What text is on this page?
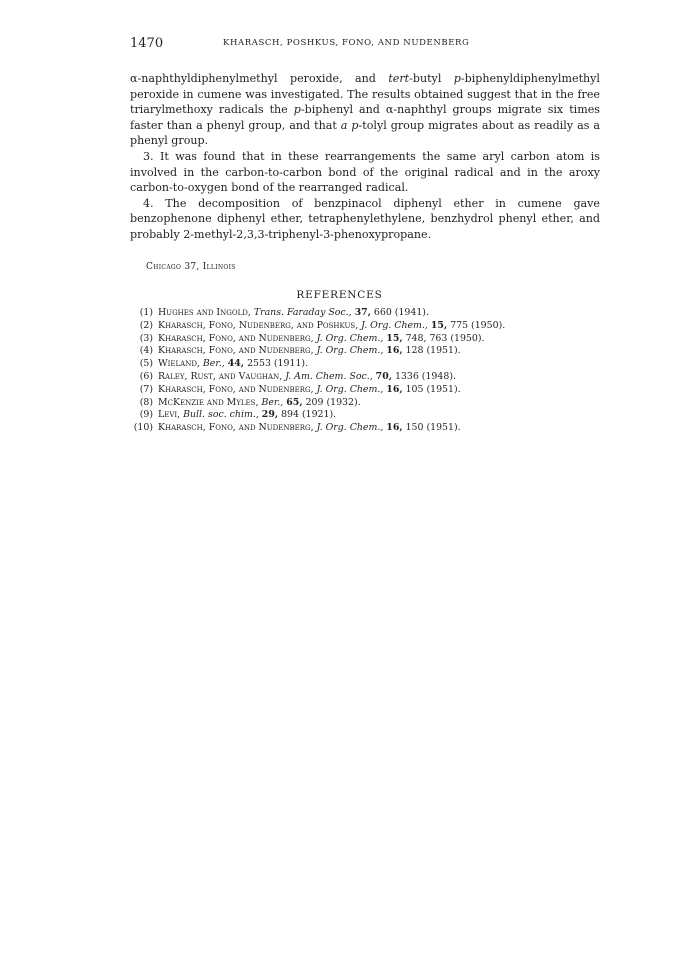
1470	KHARASCH, POSHKUS, FONO, AND NUDENBERG

α-naphthyldiphenylmethyl peroxide, and tert-butyl p-biphenyldiphenylmethyl peroxide in cumene was investigated. The results obtained suggest that in the free triarylmethoxy radicals the p-biphenyl and α-naphthyl groups migrate six times faster than a phenyl group, and that a p-tolyl group migrates about as readily as a phenyl group.

3. It was found that in these rearrangements the same aryl carbon atom is involved in the carbon-to-carbon bond of the original radical and in the aroxy carbon-to-oxygen bond of the rearranged radical.

4. The decomposition of benzpinacol diphenyl ether in cumene gave benzophenone diphenyl ether, tetraphenylethylene, benzhydrol phenyl ether, and probably 2-methyl-2,3,3-triphenyl-3-phenoxypropane.

Chicago 37, Illinois
REFERENCES
(1) Hughes and Ingold, Trans. Faraday Soc., 37, 660 (1941).
(2) Kharasch, Fono, Nudenberg, and Poshkus, J. Org. Chem., 15, 775 (1950).
(3) Kharasch, Fono, and Nudenberg, J. Org. Chem., 15, 748, 763 (1950).
(4) Kharasch, Fono, and Nudenberg, J. Org. Chem., 16, 128 (1951).
(5) Wieland, Ber., 44, 2553 (1911).
(6) Raley, Rust, and Vaughan, J. Am. Chem. Soc., 70, 1336 (1948).
(7) Kharasch, Fono, and Nudenberg, J. Org. Chem., 16, 105 (1951).
(8) McKenzie and Myles, Ber., 65, 209 (1932).
(9) Levi, Bull. soc. chim., 29, 894 (1921).
(10) Kharasch, Fono, and Nudenberg, J. Org. Chem., 16, 150 (1951).
